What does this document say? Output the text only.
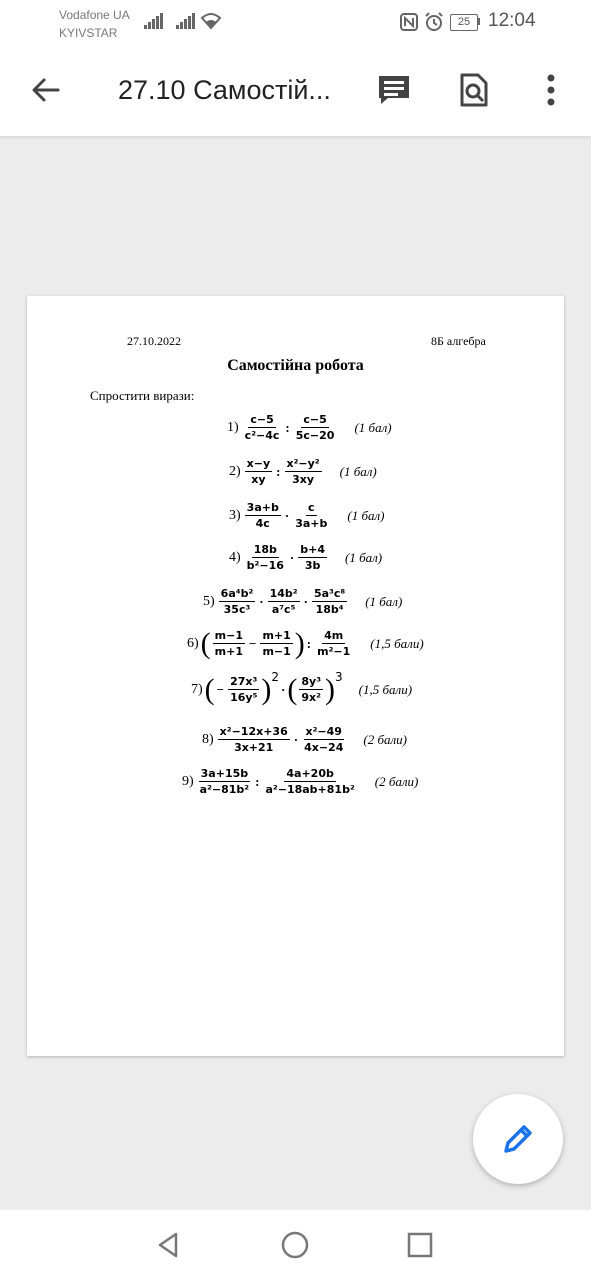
Vodafone UA
KYIVSTAR
25 12:04
27.10 Самостій...
27.10.2022	8Б алгебра
Самостійна робота
Спростити вирази:
$1) \frac{c-5}{\text{c²−4c}}$ : $\frac{c-5}{5c-20} (1$ бал)
$2) \frac{x-y}{xy}$ : $\frac{\text{x²−y²}}{3xy} (1$ бал)
$3) \frac{3a+b}{4c} \cdot \frac{c}{3a+b} (1$ бал)
$4) \frac{18b}{\text{b²−16}} \cdot \frac{b+4}{3b} (1$ бал)
$5) \frac{\text{6a⁴b²}}{\text{35c³}} \cdot \frac{\text{14b²}}{\text{a⁷c⁵}} \cdot \frac{\text{5a³c⁸}}{\text{18b⁴}} (1$ бал)
6) ( $\frac{m-1}{m+1} - \frac{m+1}{m-1}$ ) : $\frac{4m}{\text{m²−1}} (1,5$ бали)
7) ( − $\frac{\text{27x³}}{\text{16y⁵}}$ ) 2
· ( $\frac{\text{8y³}}{\text{9x²}}$ ) 3
(1,5 бали)
$8) \frac{\text{x²−12x+36}}{3x+21} \cdot \frac{\text{x²−49}}{4x-24} (2$ бали)
$9) \frac{3a+15b}{\text{a²−81b²}}$ : $\frac{4a+20b}{\text{a²−18ab+81b²}} (2$ бали)
